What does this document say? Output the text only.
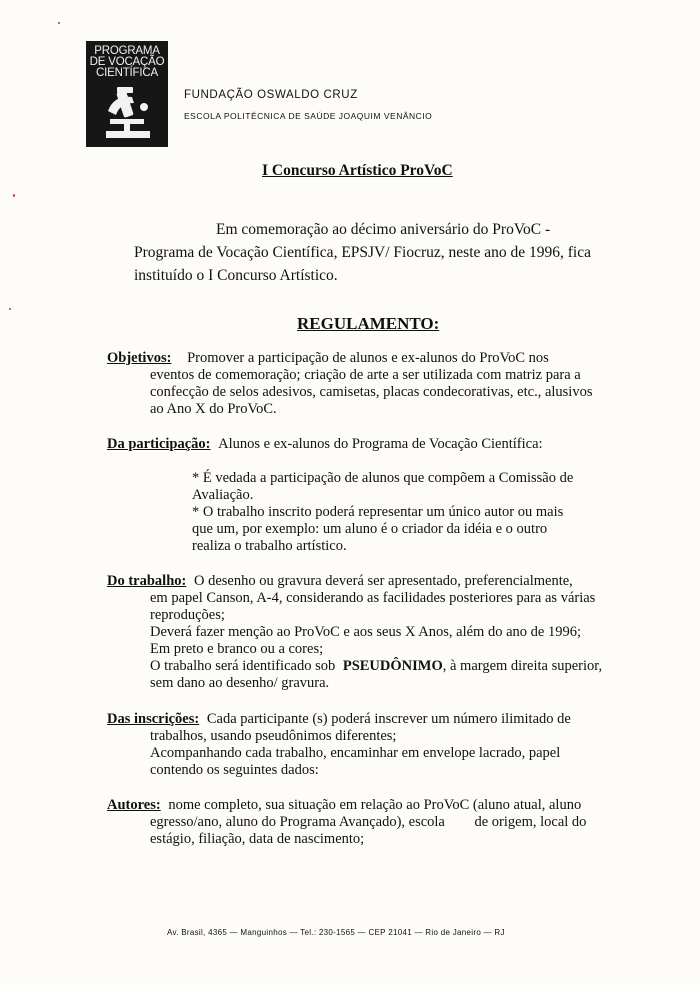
PROGRAMA
DE VOCAÇÃO
CIENTÍFICA
FUNDAÇÃO OSWALDO CRUZ
ESCOLA POLITÉCNICA DE SAÚDE JOAQUIM VENÂNCIO
I Concurso Artístico ProVoC
Em comemoração ao décimo aniversário do ProVoC - Programa de Vocação Científica, EPSJV/ Fiocruz, neste ano de 1996, fica instituído o I Concurso Artístico.
REGULAMENTO:
Objetivos: Promover a participação de alunos e ex-alunos do ProVoC nos
eventos de comemoração; criação de arte a ser utilizada com matriz para a
confecção de selos adesivos, camisetas, placas condecorativas, etc., alusivos
ao Ano X do ProVoC.
Da participação: Alunos e ex-alunos do Programa de Vocação Científica:
* É vedada a participação de alunos que compõem a Comissão de
Avaliação.
* O trabalho inscrito poderá representar um único autor ou mais
que um, por exemplo: um aluno é o criador da idéia e o outro
realiza o trabalho artístico.
Do trabalho: O desenho ou gravura deverá ser apresentado, preferencialmente,
em papel Canson, A-4, considerando as facilidades posteriores para as várias
reproduções;
Deverá fazer menção ao ProVoC e aos seus X Anos, além do ano de 1996;
Em preto e branco ou a cores;
O trabalho será identificado sob PSEUDÔNIMO, à margem direita superior,
sem dano ao desenho/ gravura.
Das inscrições: Cada participante (s) poderá inscrever um número ilimitado de
trabalhos, usando pseudônimos diferentes;
Acompanhando cada trabalho, encaminhar em envelope lacrado, papel
contendo os seguintes dados:
Autores: nome completo, sua situação em relação ao ProVoC (aluno atual, aluno
egresso/ano, aluno do Programa Avançado), escola de origem, local do
estágio, filiação, data de nascimento;
Av. Brasil, 4365 — Manguinhos — Tel.: 230-1565 — CEP 21041 — Rio de Janeiro — RJ
